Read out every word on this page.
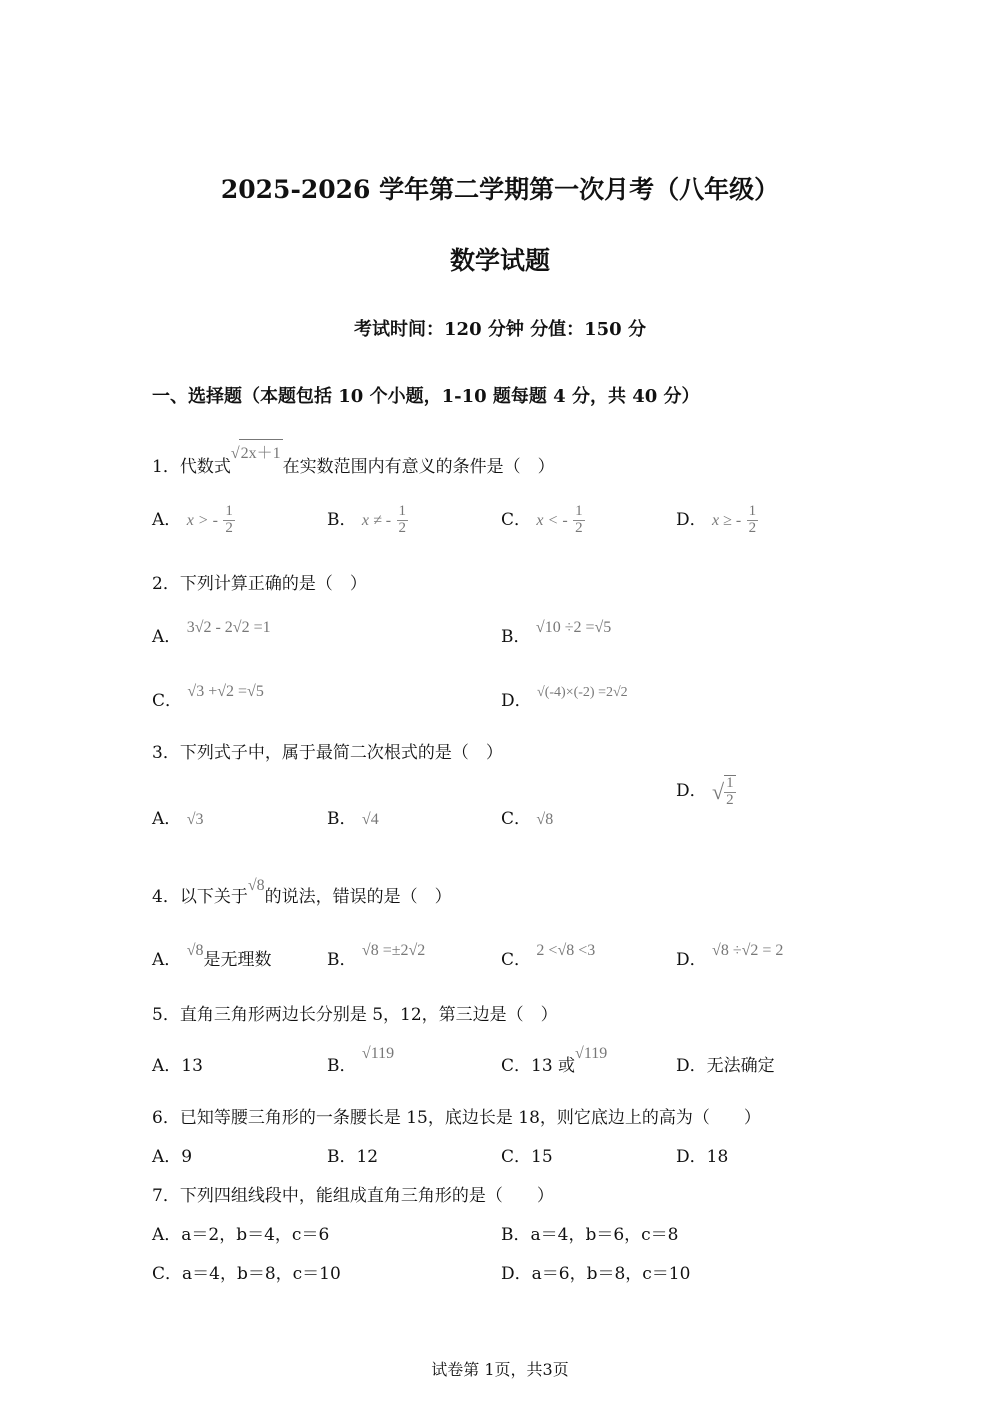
2025-2026 学年第二学期第一次月考（八年级）
数学试题
考试时间：120 分钟 分值：150 分
一、选择题（本题包括 10 个小题，1-10 题每题 4 分，共 40 分）
1．代数式√2x＋1在实数范围内有意义的条件是（　）
A． x > - $\frac{1}{2}$	B． x ≠ - $\frac{1}{2}$	C． x < - $\frac{1}{2}$	D． x ≥ - $\frac{1}{2}$
2．下列计算正确的是（　）
A． 3√2 - 2√2 =1	B． √10 ÷2 =√5
C． √3 +√2 =√5	D． √(-4)×(-2) =2√2
3．下列式子中，属于最简二次根式的是（　）
A． √3	B． √4	C． √8
D． √ $\frac{1}{2}$
4．以下关于√8的说法，错误的是（　）
A． √8是无理数	B． √8 =±2√2	C． 2 <√8 <3	D． √8 ÷√2 = 2
5．直角三角形两边长分别是 5，12，第三边是（　）
A．13	B． √119
C．13 或√119
D．无法确定
6．已知等腰三角形的一条腰长是 15，底边长是 18，则它底边上的高为（　　）
A．9	B．12	C．15	D．18
7．下列四组线段中，能组成直角三角形的是（　　）
A．a＝2，b＝4，c＝6	B．a＝4，b＝6，c＝8
C．a＝4，b＝8，c＝10	D．a＝6，b＝8，c＝10
试卷第 1页，共3页
